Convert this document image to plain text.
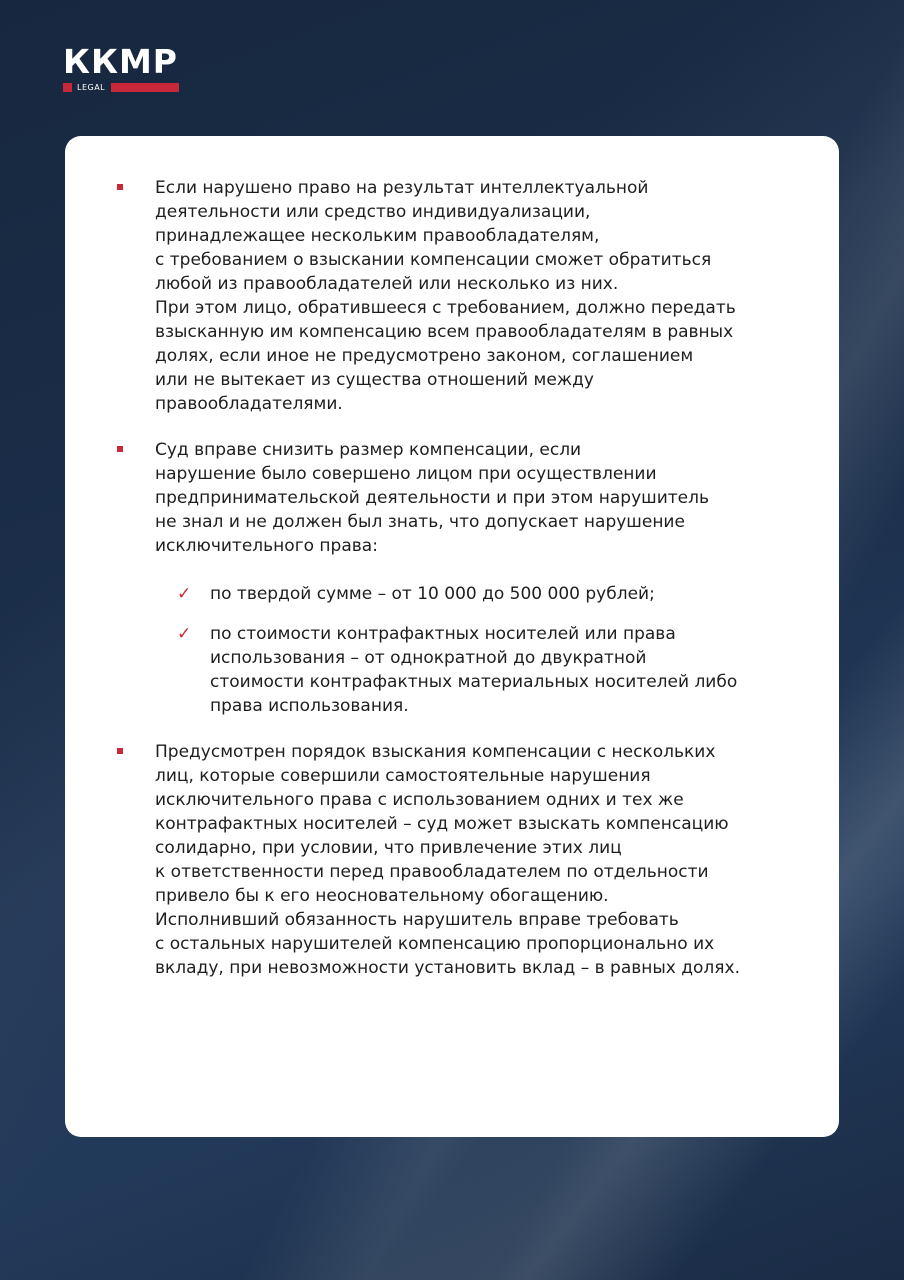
ККМР
LEGAL

Если нарушено право на результат интеллектуальной
деятельности или средство индивидуализации,
принадлежащее нескольким правообладателям,
с требованием о взыскании компенсации сможет обратиться
любой из правообладателей или несколько из них.
При этом лицо, обратившееся с требованием, должно передать
взысканную им компенсацию всем правообладателям в равных
долях, если иное не предусмотрено законом, соглашением
или не вытекает из существа отношений между
правообладателями.

Суд вправе снизить размер компенсации, если
нарушение было совершено лицом при осуществлении
предпринимательской деятельности и при этом нарушитель
не знал и не должен был знать, что допускает нарушение
исключительного права:

✓ по твердой сумме – от 10 000 до 500 000 рублей;

✓ по стоимости контрафактных носителей или права
использования – от однократной до двукратной
стоимости контрафактных материальных носителей либо
права использования.

Предусмотрен порядок взыскания компенсации с нескольких
лиц, которые совершили самостоятельные нарушения
исключительного права с использованием одних и тех же
контрафактных носителей – суд может взыскать компенсацию
солидарно, при условии, что привлечение этих лиц
к ответственности перед правообладателем по отдельности
привело бы к его неосновательному обогащению.
Исполнивший обязанность нарушитель вправе требовать
с остальных нарушителей компенсацию пропорционально их
вкладу, при невозможности установить вклад – в равных долях.
